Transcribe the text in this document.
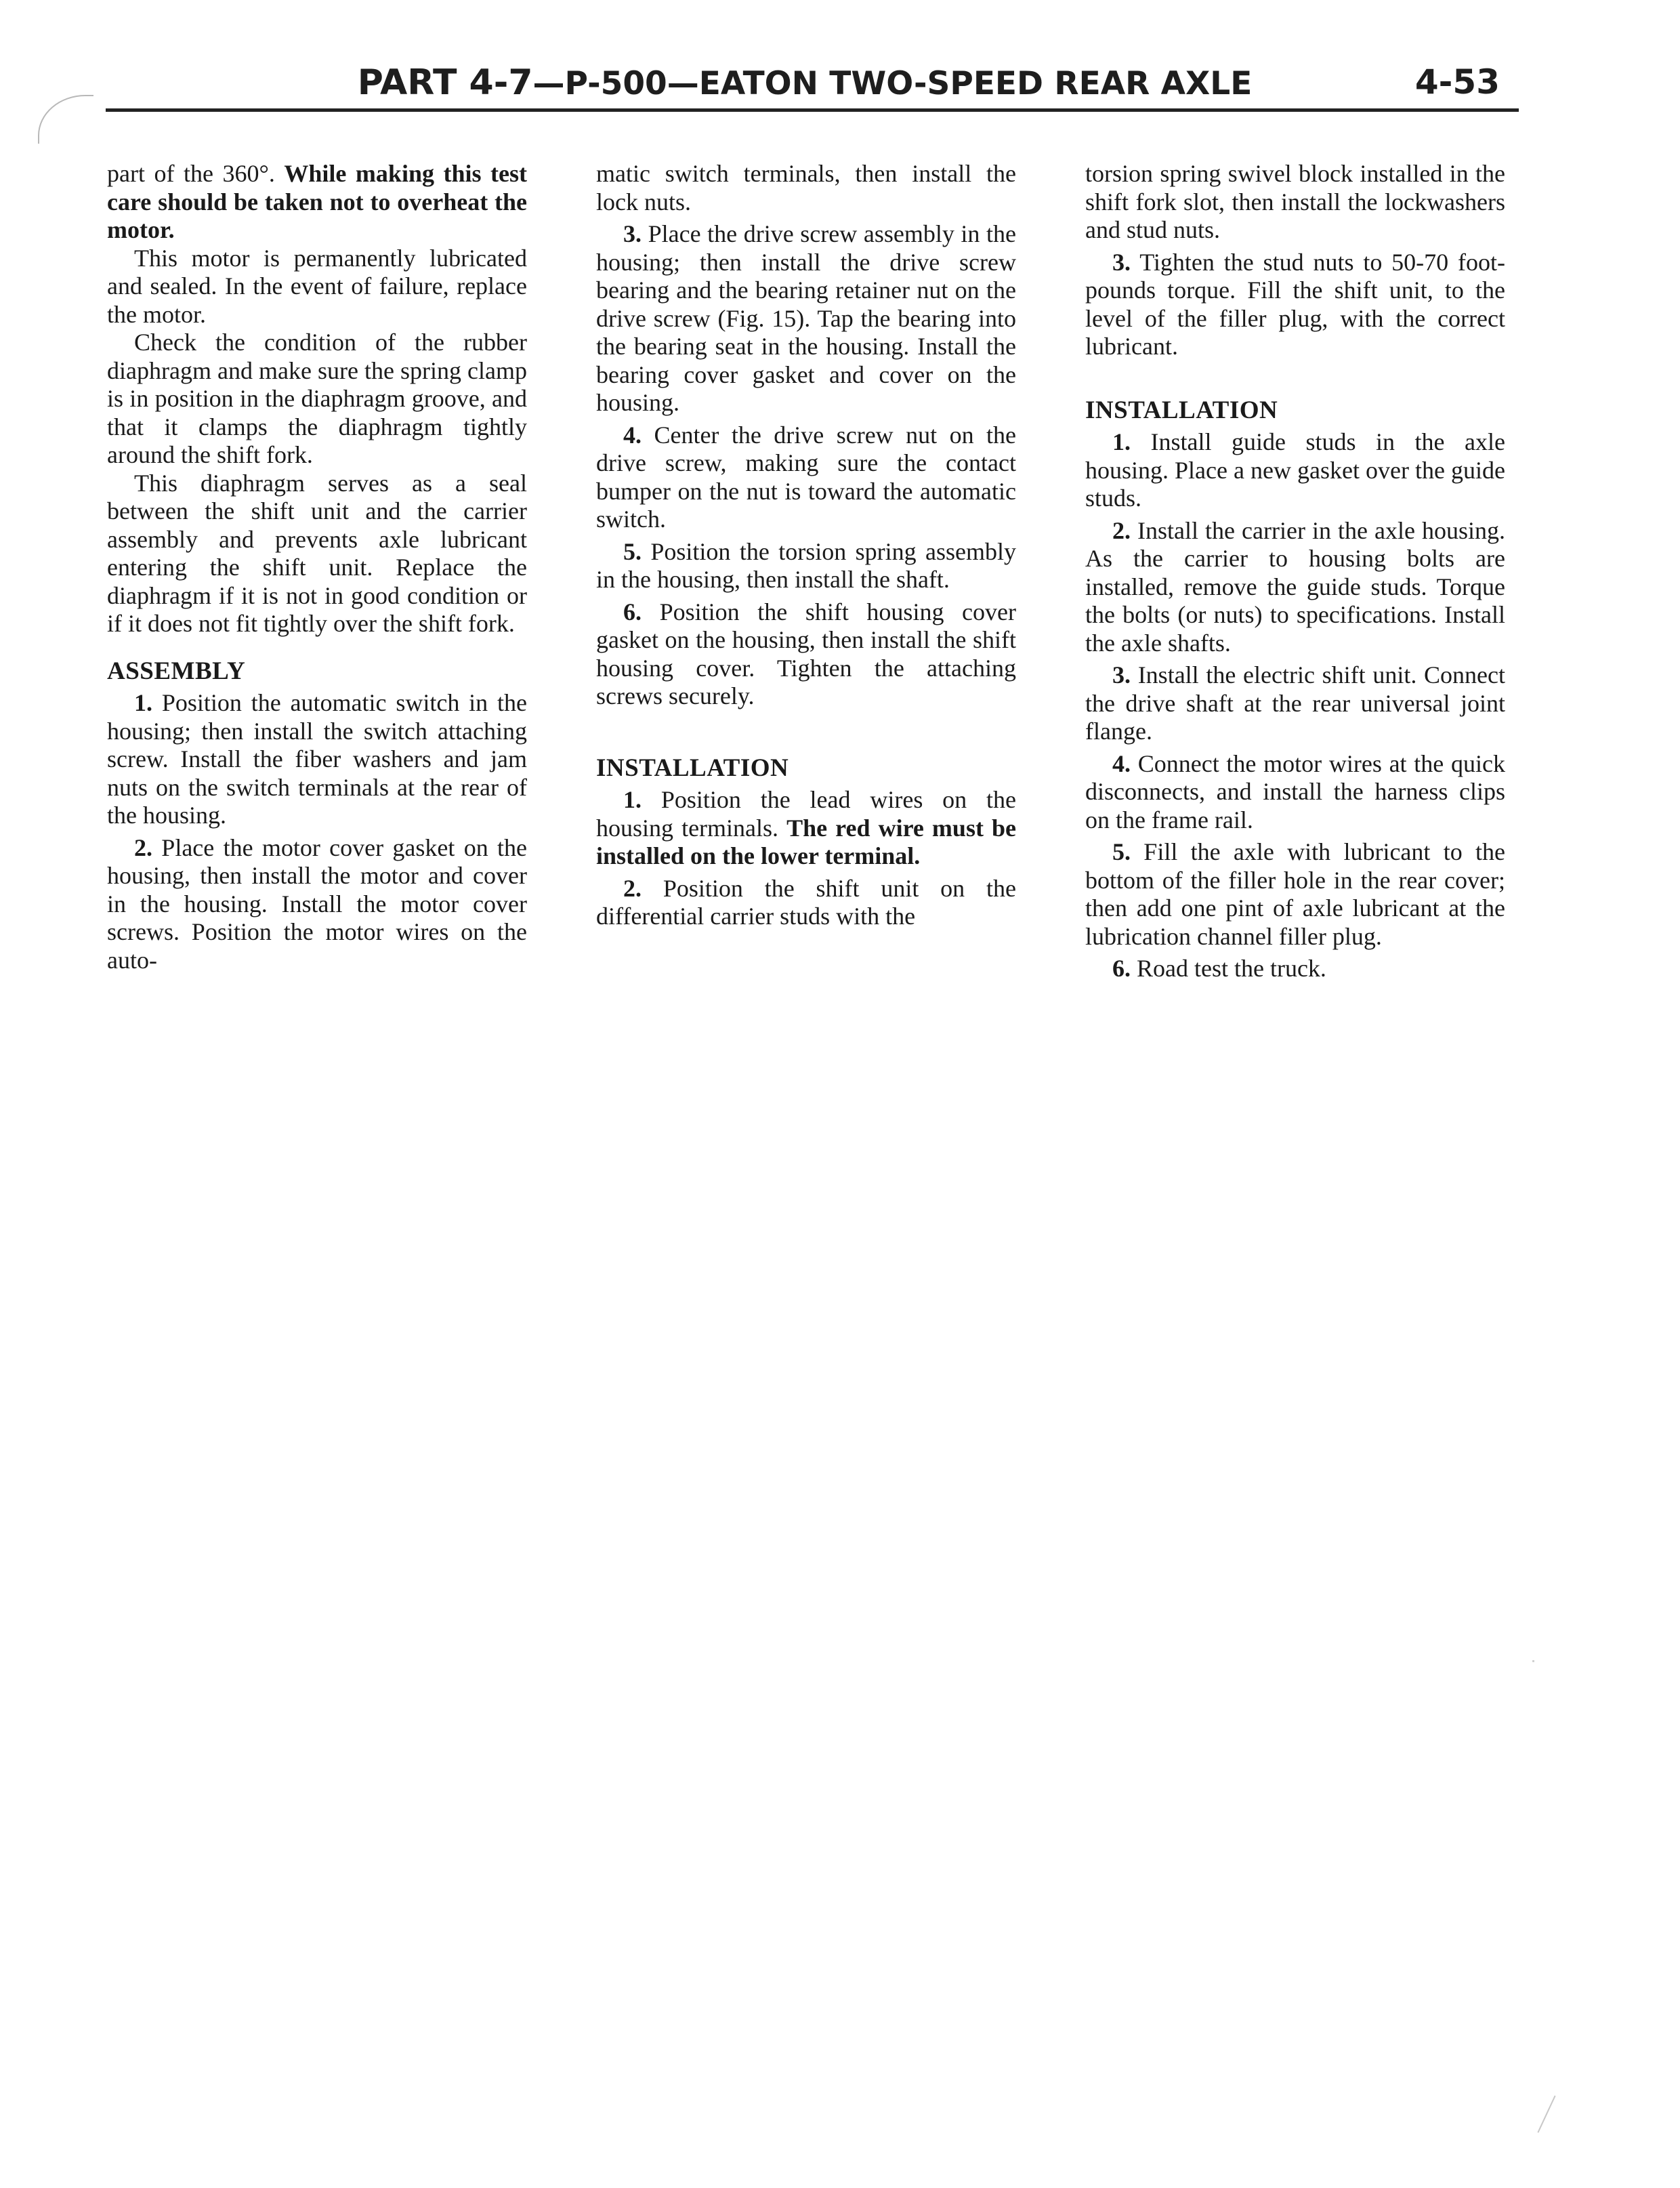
PART 4-7—P-500—EATON TWO-SPEED REAR AXLE	4-53

part of the 360°. While making this test care should be taken not to overheat the motor.

This motor is permanently lubricated and sealed. In the event of failure, replace the motor.

Check the condition of the rubber diaphragm and make sure the spring clamp is in position in the diaphragm groove, and that it clamps the diaphragm tightly around the shift fork.

This diaphragm serves as a seal between the shift unit and the carrier assembly and prevents axle lubricant entering the shift unit. Replace the diaphragm if it is not in good condition or if it does not fit tightly over the shift fork.

ASSEMBLY

1. Position the automatic switch in the housing; then install the switch attaching screw. Install the fiber washers and jam nuts on the switch terminals at the rear of the housing.

2. Place the motor cover gasket on the housing, then install the motor and cover in the housing. Install the motor cover screws. Position the motor wires on the auto-

matic switch terminals, then install the lock nuts.

3. Place the drive screw assembly in the housing; then install the drive screw bearing and the bearing retainer nut on the drive screw (Fig. 15). Tap the bearing into the bearing seat in the housing. Install the bearing cover gasket and cover on the housing.

4. Center the drive screw nut on the drive screw, making sure the contact bumper on the nut is toward the automatic switch.

5. Position the torsion spring assembly in the housing, then install the shaft.

6. Position the shift housing cover gasket on the housing, then install the shift housing cover. Tighten the attaching screws securely.

INSTALLATION

1. Position the lead wires on the housing terminals. The red wire must be installed on the lower terminal.

2. Position the shift unit on the differential carrier studs with the

torsion spring swivel block installed in the shift fork slot, then install the lockwashers and stud nuts.

3. Tighten the stud nuts to 50-70 foot-pounds torque. Fill the shift unit, to the level of the filler plug, with the correct lubricant.

INSTALLATION

1. Install guide studs in the axle housing. Place a new gasket over the guide studs.

2. Install the carrier in the axle housing. As the carrier to housing bolts are installed, remove the guide studs. Torque the bolts (or nuts) to specifications. Install the axle shafts.

3. Install the electric shift unit. Connect the drive shaft at the rear universal joint flange.

4. Connect the motor wires at the quick disconnects, and install the harness clips on the frame rail.

5. Fill the axle with lubricant to the bottom of the filler hole in the rear cover; then add one pint of axle lubricant at the lubrication channel filler plug.

6. Road test the truck.
